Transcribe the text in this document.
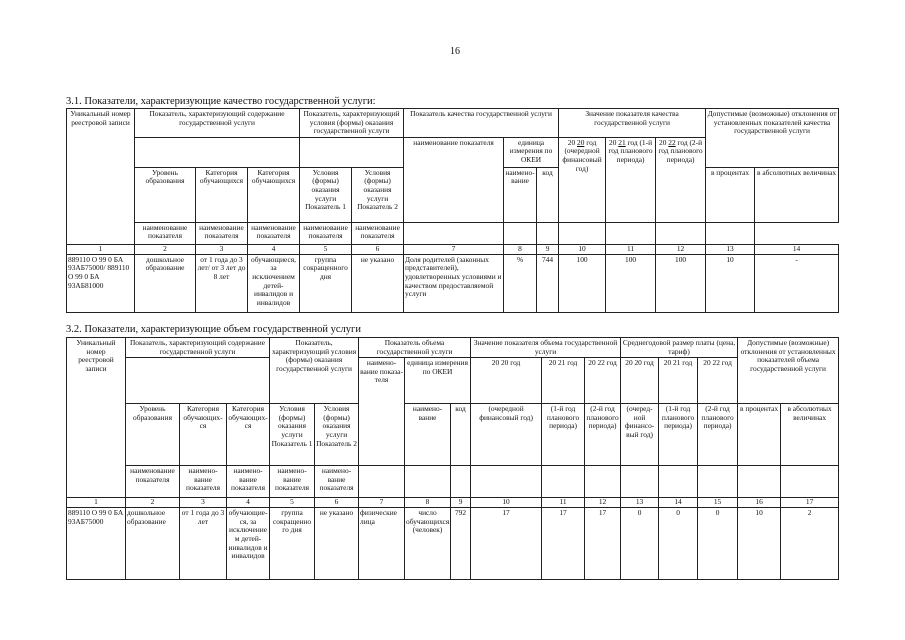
16
3.1. Показатели, характеризующие качество государственной услуги:
Уникальный номер реестровой записи	Показатель, характеризующий содержание государственной услуги			Показатель, характеризующий условия (формы) оказания государственной услуги		Показатель качества государственной услуги			Значение показателя качества государственной услуги			Допустимые (возможные) отклонения от установленных показателей качества государственной услуги	
						наименование показателя	единица измерения по ОКЕИ		20 20 год (очередной финансовый год)	20 21 год (1-й год планового периода)	20 22 год (2-й год планового периода)		
	Уровень образования	Категория обучающихся	Категория обучающихся	Условия (формы) оказания услуги Показатель 1	Условия (формы) оказания услуги Показатель 2		наимено-вание	код				в процентах	в абсолютных величинах
	наименование показателя	наименование показателя	наименование показателя	наименование показателя	наименование показателя								
1	2	3	4	5	6	7	8	9	10	11	12	13	14
889110 О 99 0 БА 93АБ75000/ 889110 О 99 0 БА 93АБ81000	дошкольное образование	от 1 года до 3 лет/ от 3 лет до 8 лет	обучающиеся, за исключением детей-инвалидов и инвалидов	группа сокращенного дня	не указано	Доля родителей (законных представителей), удовлетворенных условиями и качеством предоставляемой услуги	%	744	100	100	100	10	-
3.2. Показатели, характеризующие объем государственной услуги
Уникальный номер реестровой записи	Показатель, характеризующий содержание государственной услуги			Показатель, характеризующий условия (формы) оказания государственной услуги		Показатель объема государственной услуги			Значение показателя объема государственной услуги			Среднегодовой размер платы (цена, тариф)			Допустимые (возможные) отклонения от установленных показателей объема государственной услуги	
						наимено-вание показа-теля	единица измерения по ОКЕИ		20 20 год	20 21 год	20 22 год	20 20 год	20 21 год	20 22 год		
	Уровень образования	Категория обучающих-ся	Категория обучающих-ся	Условия (формы) оказания услуги Показатель 1	Условия (формы) оказания услуги Показатель 2		наимено-вание	код	(очередной финансовый год)	(1-й год планового периода)	(2-й год планового периода)	(очеред-ной финансо-вый год)	(1-й год планового периода)	(2-й год планового периода)	в процентах	в абсолютных величинах
	наименование показателя	наимено-вание показателя	наимено-вание показателя	наимено-вание показателя	наимено-вание показателя											
1	2	3	4	5	6	7	8	9	10	11	12	13	14	15	16	17
889110 О 99 0 БА 93АБ75000	дошкольное образование	от 1 года до 3 лет	обучающие-ся, за исключение м детей-инвалидов и инвалидов	группа сокращенно го дня	не указано	физические лица	число обучающихся (человек)	792	17	17	17	0	0	0	10	2
